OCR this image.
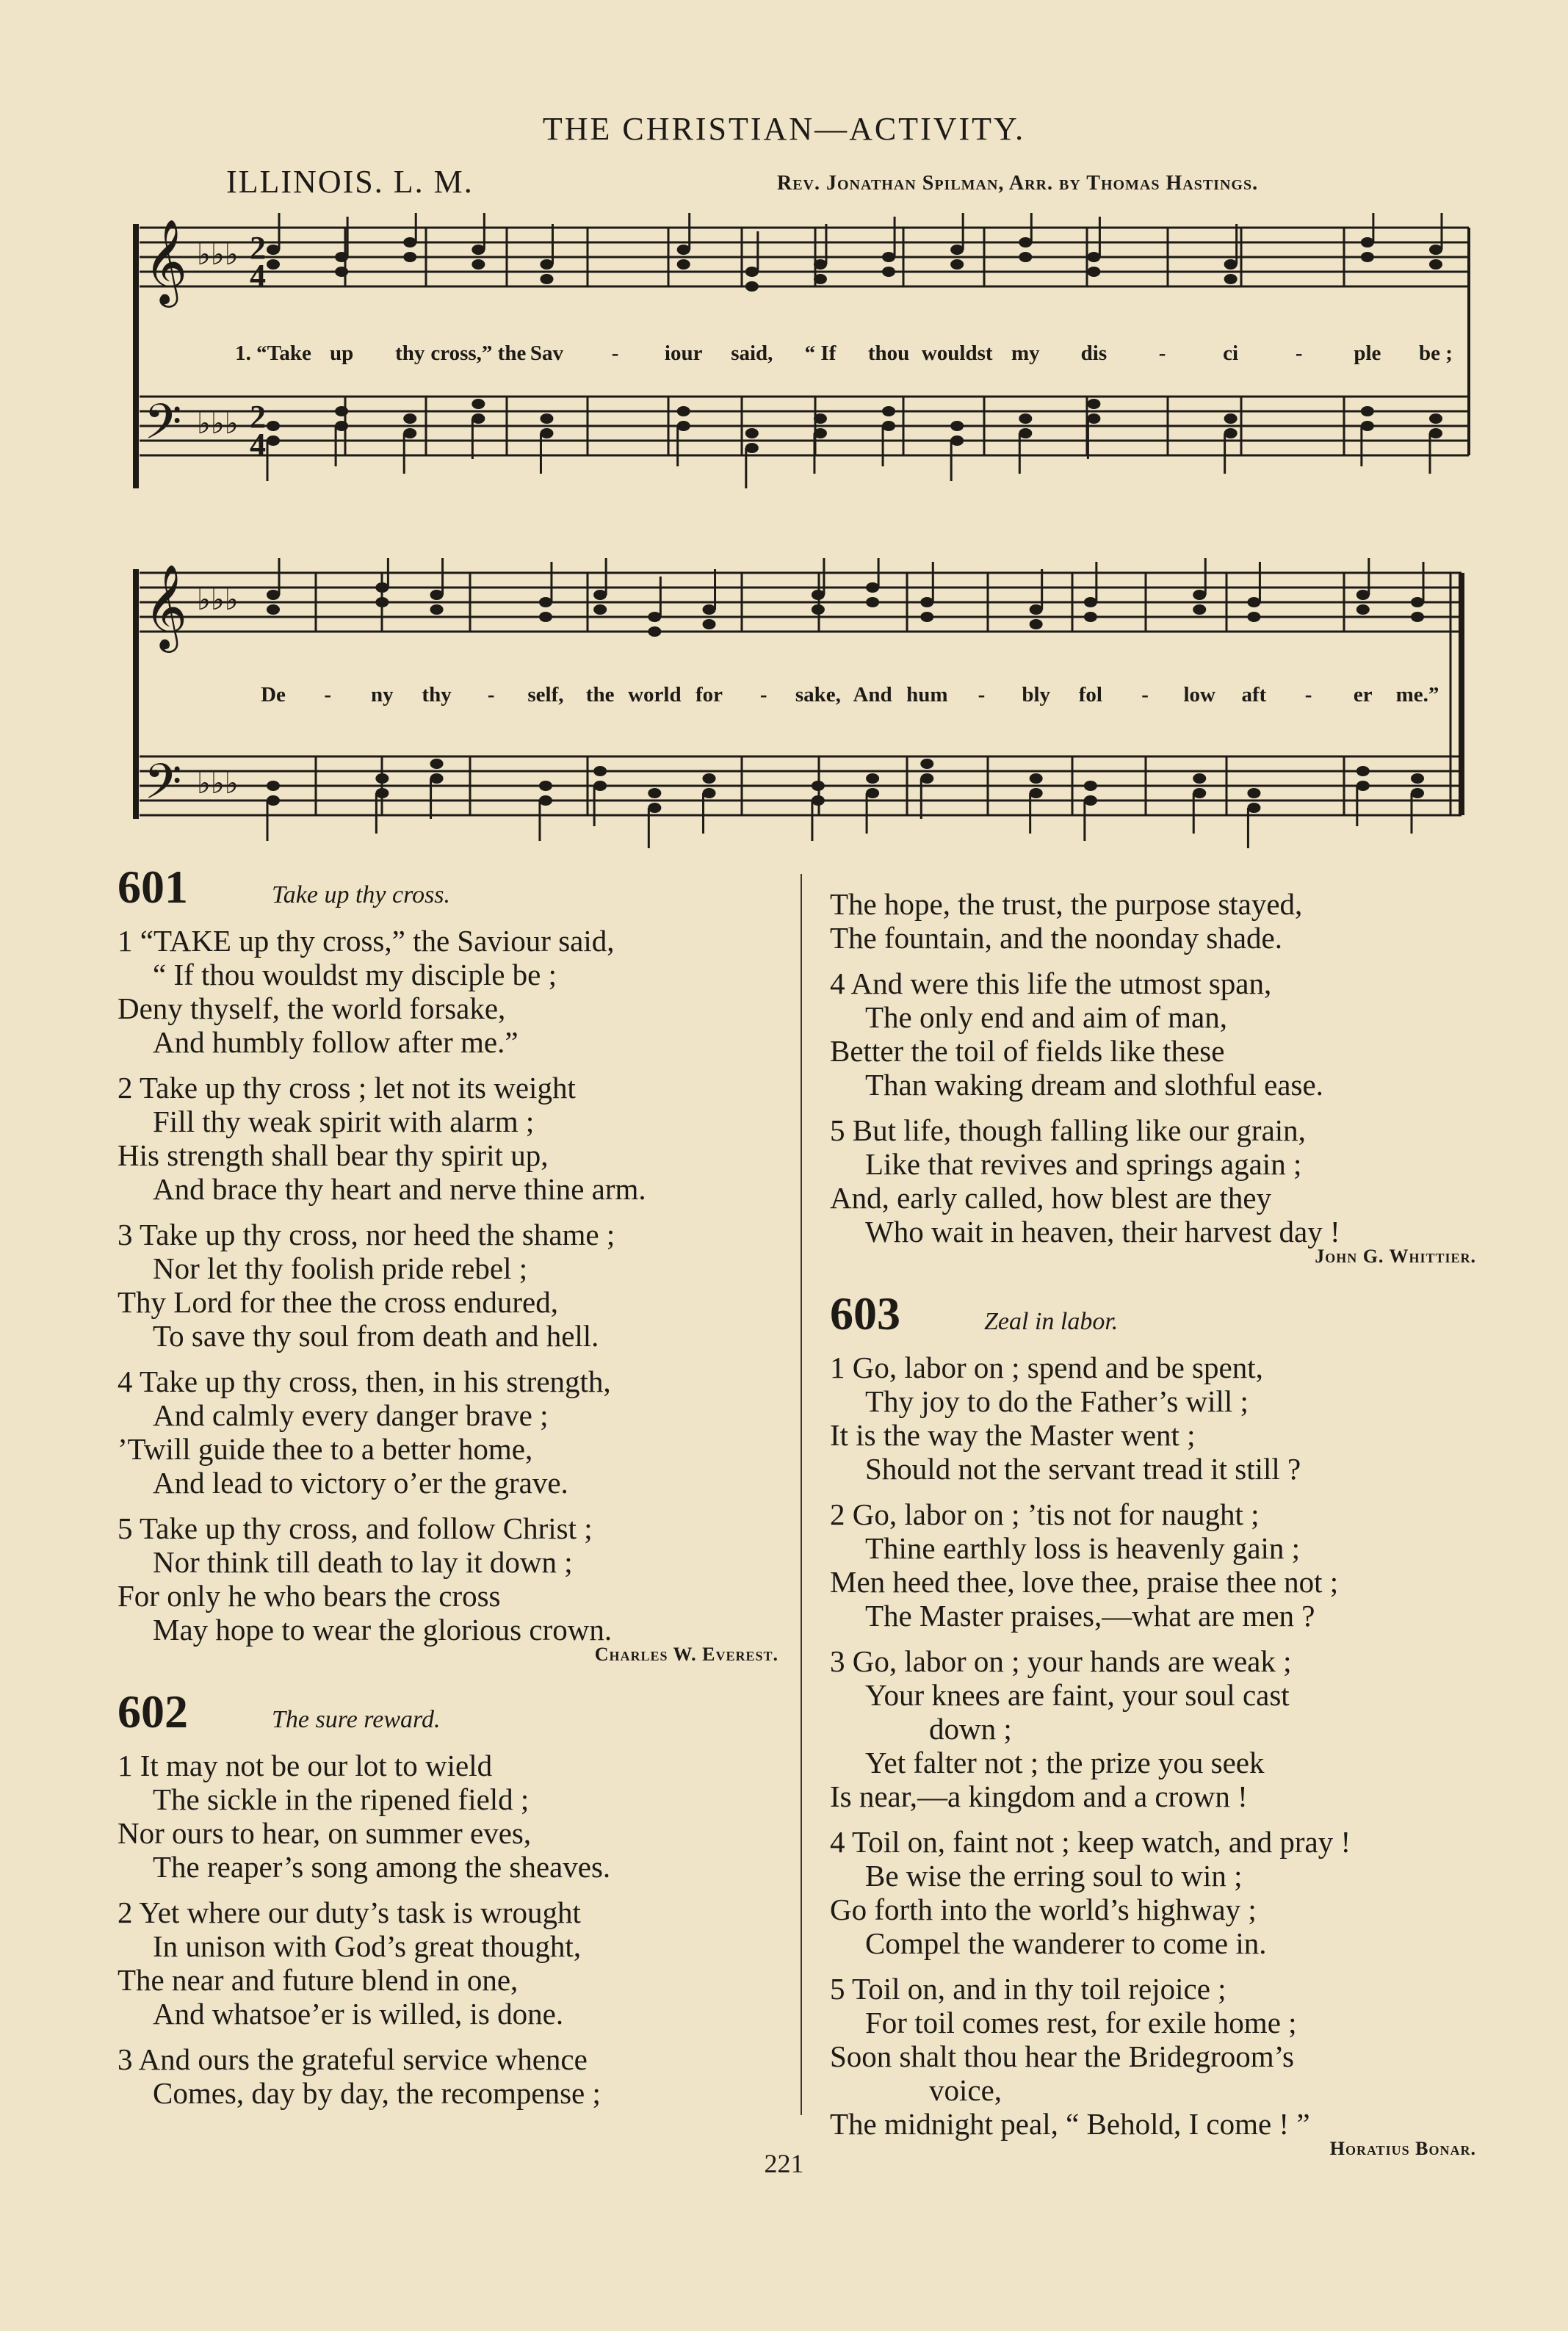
THE CHRISTIAN—ACTIVITY.
ILLINOIS. L. M.	Rev. Jonathan Spilman, Arr. by Thomas Hastings.
𝄞
𝄢
♭♭♭
♭♭♭
2
4
2
4
1. “Take up thy cross,” the Sav - iour said, “ If thou wouldst my dis -	ci	- ple be ;
𝄞
𝄢
♭♭♭
♭♭♭
De - ny thy - self, the world for - sake, And hum - bly fol - low aft - er me.”
601	Take up thy cross.
1 “TAKE up thy cross,” the Saviour said,
“ If thou wouldst my disciple be ;
Deny thyself, the world forsake,
And humbly follow after me.”
2 Take up thy cross ; let not its weight
Fill thy weak spirit with alarm ;
His strength shall bear thy spirit up,
And brace thy heart and nerve thine arm.
3 Take up thy cross, nor heed the shame ;
Nor let thy foolish pride rebel ;
Thy Lord for thee the cross endured,
To save thy soul from death and hell.
4 Take up thy cross, then, in his strength,
And calmly every danger brave ;
’Twill guide thee to a better home,
And lead to victory o’er the grave.
5 Take up thy cross, and follow Christ ;
Nor think till death to lay it down ;
For only he who bears the cross
May hope to wear the glorious crown.
Charles W. Everest.
602	The sure reward.
1 It may not be our lot to wield
The sickle in the ripened field ;
Nor ours to hear, on summer eves,
The reaper’s song among the sheaves.
2 Yet where our duty’s task is wrought
In unison with God’s great thought,
The near and future blend in one,
And whatsoe’er is willed, is done.
3 And ours the grateful service whence
Comes, day by day, the recompense ;
The hope, the trust, the purpose stayed,
The fountain, and the noonday shade.
4 And were this life the utmost span,
The only end and aim of man,
Better the toil of fields like these
Than waking dream and slothful ease.
5 But life, though falling like our grain,
Like that revives and springs again ;
And, early called, how blest are they
Who wait in heaven, their harvest day !
John G. Whittier.
603	Zeal in labor.
1 Go, labor on ; spend and be spent,
Thy joy to do the Father’s will ;
It is the way the Master went ;
Should not the servant tread it still ?
2 Go, labor on ; ’tis not for naught ;
Thine earthly loss is heavenly gain ;
Men heed thee, love thee, praise thee not ;
The Master praises,—what are men ?
3 Go, labor on ; your hands are weak ;
Your knees are faint, your soul cast
down ;
Yet falter not ; the prize you seek
Is near,—a kingdom and a crown !
4 Toil on, faint not ; keep watch, and pray !
Be wise the erring soul to win ;
Go forth into the world’s highway ;
Compel the wanderer to come in.
5 Toil on, and in thy toil rejoice ;
For toil comes rest, for exile home ;
Soon shalt thou hear the Bridegroom’s
voice,
The midnight peal, “ Behold, I come ! ”
Horatius Bonar.
221
